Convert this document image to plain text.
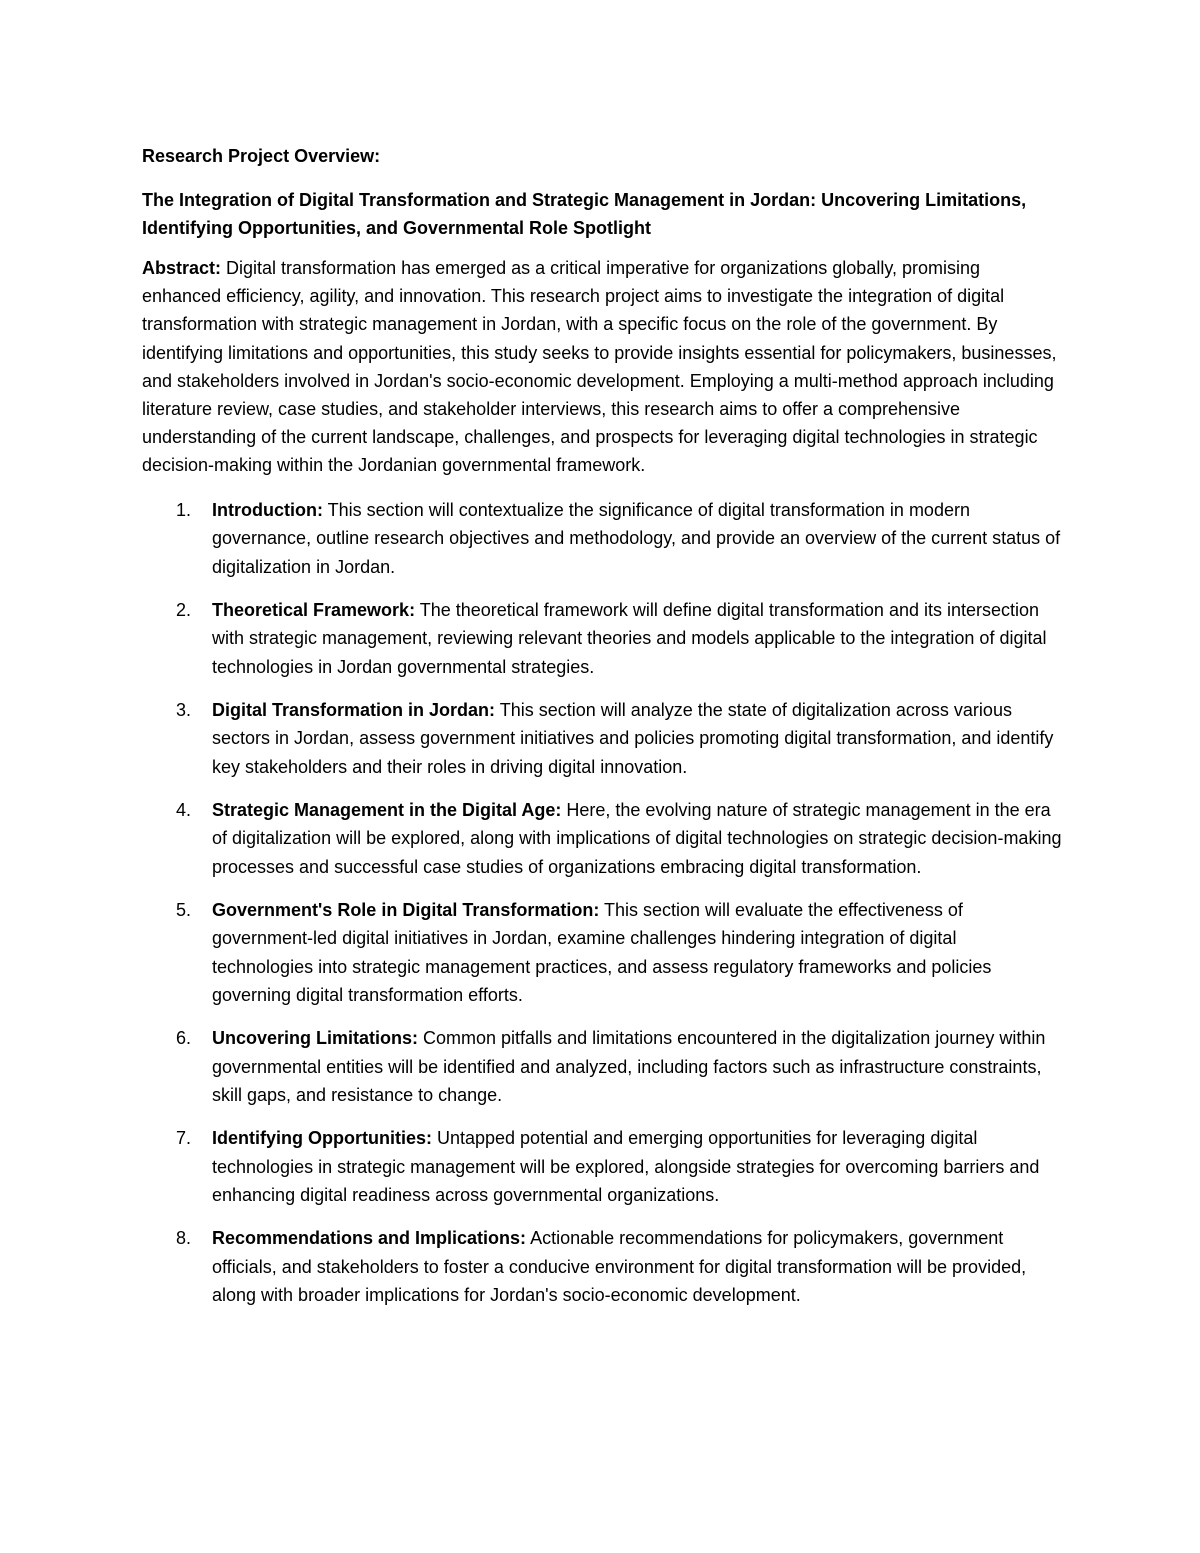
Research Project Overview:

The Integration of Digital Transformation and Strategic Management in Jordan: Uncovering Limitations, Identifying Opportunities, and Governmental Role Spotlight

Abstract: Digital transformation has emerged as a critical imperative for organizations globally, promising enhanced efficiency, agility, and innovation. This research project aims to investigate the integration of digital transformation with strategic management in Jordan, with a specific focus on the role of the government. By identifying limitations and opportunities, this study seeks to provide insights essential for policymakers, businesses, and stakeholders involved in Jordan's socio-economic development. Employing a multi-method approach including literature review, case studies, and stakeholder interviews, this research aims to offer a comprehensive understanding of the current landscape, challenges, and prospects for leveraging digital technologies in strategic decision-making within the Jordanian governmental framework.

1. Introduction: This section will contextualize the significance of digital transformation in modern governance, outline research objectives and methodology, and provide an overview of the current status of digitalization in Jordan.
2. Theoretical Framework: The theoretical framework will define digital transformation and its intersection with strategic management, reviewing relevant theories and models applicable to the integration of digital technologies in Jordan governmental strategies.
3. Digital Transformation in Jordan: This section will analyze the state of digitalization across various sectors in Jordan, assess government initiatives and policies promoting digital transformation, and identify key stakeholders and their roles in driving digital innovation.
4. Strategic Management in the Digital Age: Here, the evolving nature of strategic management in the era of digitalization will be explored, along with implications of digital technologies on strategic decision-making processes and successful case studies of organizations embracing digital transformation.
5. Government's Role in Digital Transformation: This section will evaluate the effectiveness of government-led digital initiatives in Jordan, examine challenges hindering integration of digital technologies into strategic management practices, and assess regulatory frameworks and policies governing digital transformation efforts.
6. Uncovering Limitations: Common pitfalls and limitations encountered in the digitalization journey within governmental entities will be identified and analyzed, including factors such as infrastructure constraints, skill gaps, and resistance to change.
7. Identifying Opportunities: Untapped potential and emerging opportunities for leveraging digital technologies in strategic management will be explored, alongside strategies for overcoming barriers and enhancing digital readiness across governmental organizations.
8. Recommendations and Implications: Actionable recommendations for policymakers, government officials, and stakeholders to foster a conducive environment for digital transformation will be provided, along with broader implications for Jordan's socio-economic development.
